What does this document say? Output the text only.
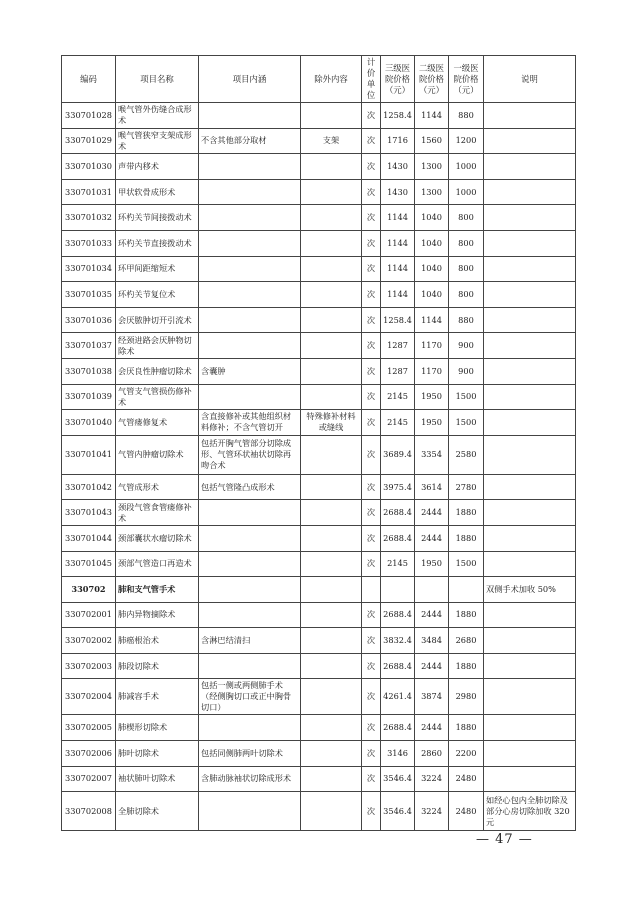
编码	项目名称	项目内涵	除外内容	计价单位	三级医院价格（元）	二级医院价格（元）	一级医院价格（元）	说明
330701028	喉气管外伤缝合成形术			次	1258.4	1144	880	
330701029	喉气管狭窄支架成形术	不含其他部分取材	支架	次	1716	1560	1200	
330701030	声带内移术			次	1430	1300	1000	
330701031	甲状软骨成形术			次	1430	1300	1000	
330701032	环杓关节间接拨动术			次	1144	1040	800	
330701033	环杓关节直接拨动术			次	1144	1040	800	
330701034	环甲间距缩短术			次	1144	1040	800	
330701035	环杓关节复位术			次	1144	1040	800	
330701036	会厌脓肿切开引流术			次	1258.4	1144	880	
330701037	经颈进路会厌肿物切除术			次	1287	1170	900	
330701038	会厌良性肿瘤切除术	含囊肿		次	1287	1170	900	
330701039	气管支气管损伤修补术			次	2145	1950	1500	
330701040	气管瘘修复术	含直接修补或其他组织材料修补；不含气管切开	特殊修补材料或缝线	次	2145	1950	1500	
330701041	气管内肿瘤切除术	包括开胸气管部分切除成形、气管环状袖状切除再吻合术		次	3689.4	3354	2580	
330701042	气管成形术	包括气管隆凸成形术		次	3975.4	3614	2780	
330701043	颈段气管食管瘘修补术			次	2688.4	2444	1880	
330701044	颈部囊状水瘤切除术			次	2688.4	2444	1880	
330701045	颈部气管造口再造术			次	2145	1950	1500	
330702	肺和支气管手术							双侧手术加收 50%
330702001	肺内异物摘除术			次	2688.4	2444	1880	
330702002	肺癌根治术	含淋巴结清扫		次	3832.4	3484	2680	
330702003	肺段切除术			次	2688.4	2444	1880	
330702004	肺减容手术	包括一侧或两侧肺手术（经侧胸切口或正中胸骨切口）		次	4261.4	3874	2980	
330702005	肺楔形切除术			次	2688.4	2444	1880	
330702006	肺叶切除术	包括同侧肺两叶切除术		次	3146	2860	2200	
330702007	袖状肺叶切除术	含肺动脉袖状切除成形术		次	3546.4	3224	2480	
330702008	全肺切除术			次	3546.4	3224	2480	如经心包内全肺切除及部分心房切除加收 320 元
— 47 —
